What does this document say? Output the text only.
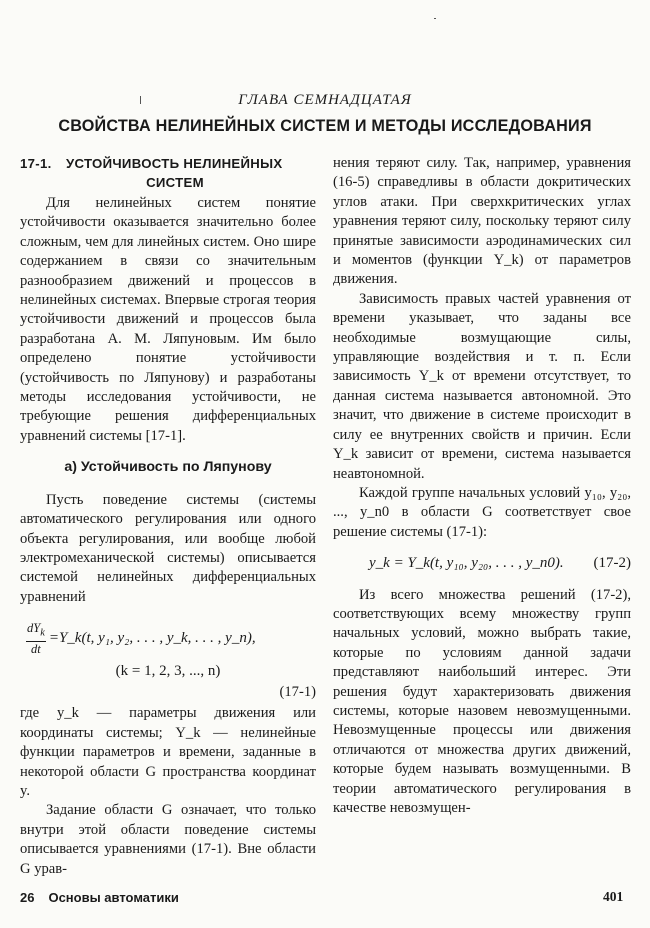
ГЛАВА СЕМНАДЦАТАЯ
СВОЙСТВА НЕЛИНЕЙНЫХ СИСТЕМ И МЕТОДЫ ИССЛЕДОВАНИЯ
17-1. УСТОЙЧИВОСТЬ НЕЛИНЕЙНЫХ
СИСТЕМ

Для нелинейных систем понятие устойчивости оказывается значительно более сложным, чем для линейных систем. Оно шире содержанием в связи со значительным разнообразием движений и процессов в нелинейных системах. Впервые строгая теория устойчивости движений и процессов была разработана А. М. Ляпуновым. Им было определено понятие устойчивости (устойчивость по Ляпунову) и разработаны методы исследования устойчивости, не требующие решения дифференциальных уравнений системы [17-1].

а) Устойчивость по Ляпунову

Пусть поведение системы (системы автоматического регулирования или одного объекта регулирования, или вообще любой электромеханической системы) описывается системой нелинейных дифференциальных уравнений

$\frac{dY_k}{dt}$ =Y_k(t, y₁, y₂, . . . , y_k, . . . , y_n),
(k = 1, 2, 3, ..., n)
(17-1)

где y_k — параметры движения или координаты системы; Y_k — нелинейные функции параметров и времени, заданные в некоторой области G пространства координат y.

Задание области G означает, что только внутри этой области поведение системы описывается уравнениями (17-1). Вне области G урав-

нения теряют силу. Так, например, уравнения (16-5) справедливы в области докритических углов атаки. При сверхкритических углах уравнения теряют силу, поскольку теряют силу принятые зависимости аэродинамических сил и моментов (функции Y_k) от параметров движения.

Зависимость правых частей уравнения от времени указывает, что заданы все необходимые возмущающие силы, управляющие воздействия и т. п. Если зависимость Y_k от времени отсутствует, то данная система называется автономной. Это значит, что движение в системе происходит в силу ее внутренних свойств и причин. Если Y_k зависит от времени, система называется неавтономной.

Каждой группе начальных условий y₁₀, y₂₀, ..., y_n0 в области G соответствует свое решение системы (17-1):

y_k = Y_k(t, y₁₀, y₂₀, . . . , y_n0). (17-2)

Из всего множества решений (17-2), соответствующих всему множеству групп начальных условий, можно выбрать такие, которые по условиям данной задачи представляют наибольший интерес. Эти решения будут характеризовать движения системы, которые назовем невозмущенными. Невозмущенные процессы или движения отличаются от множества других движений, которые будем называть возмущенными. В теории автоматического регулирования в качестве невозмущен-

26 Основы автоматики	401
